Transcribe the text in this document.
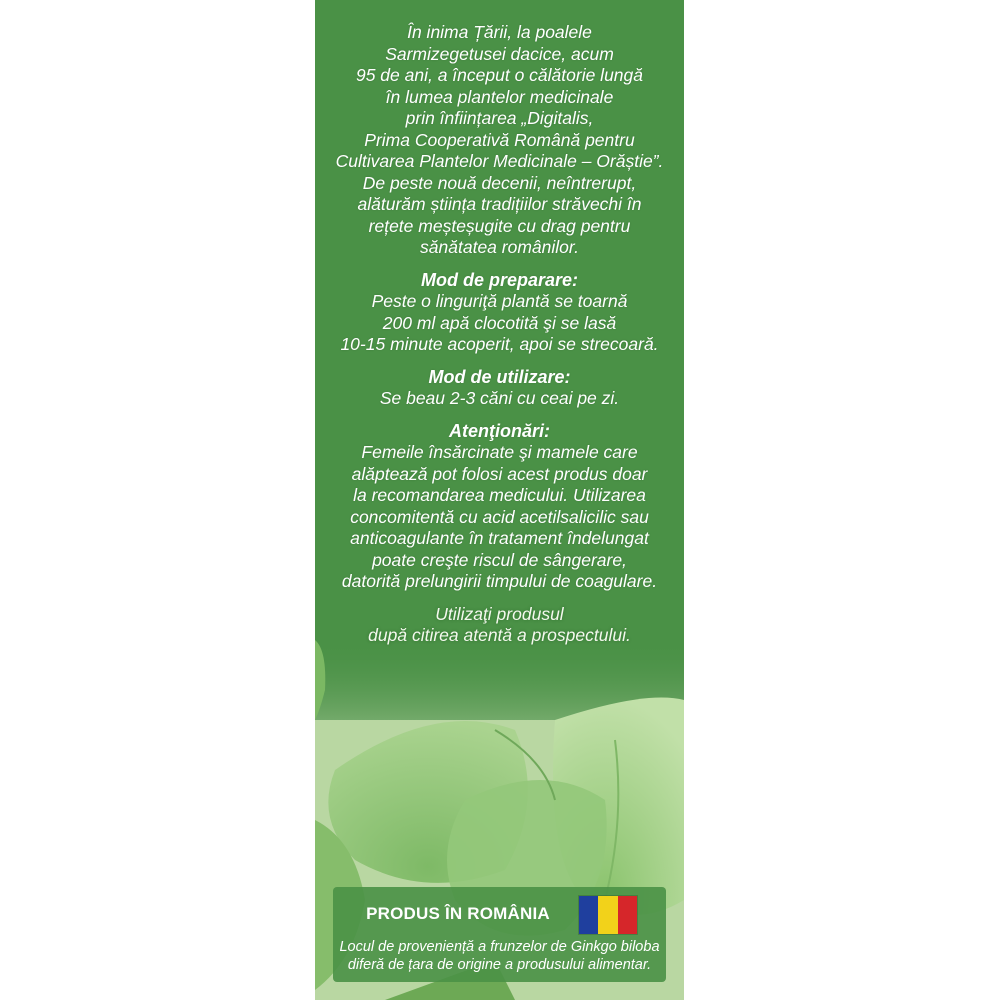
În inima Țării, la poalele
Sarmizegetusei dacice, acum
95 de ani, a început o călătorie lungă
în lumea plantelor medicinale
prin înființarea „Digitalis,
Prima Cooperativă Română pentru
Cultivarea Plantelor Medicinale – Orăștie”.
De peste nouă decenii, neîntrerupt,
alăturăm știința tradițiilor străvechi în
rețete meșteșugite cu drag pentru
sănătatea românilor.

Mod de preparare:

Peste o linguriţă plantă se toarnă
200 ml apă clocotită şi se lasă
10-15 minute acoperit, apoi se strecoară.

Mod de utilizare:

Se beau 2-3 căni cu ceai pe zi.

Atenţionări:

Femeile însărcinate şi mamele care
alăptează pot folosi acest produs doar
la recomandarea medicului. Utilizarea
concomitentă cu acid acetilsalicilic sau
anticoagulante în tratament îndelungat
poate creşte riscul de sângerare,
datorită prelungirii timpului de coagulare.

Utilizaţi produsul
după citirea atentă a prospectului.

PRODUS ÎN ROMÂNIA
Locul de proveniență a frunzelor de Ginkgo biloba
diferă de țara de origine a produsului alimentar.
